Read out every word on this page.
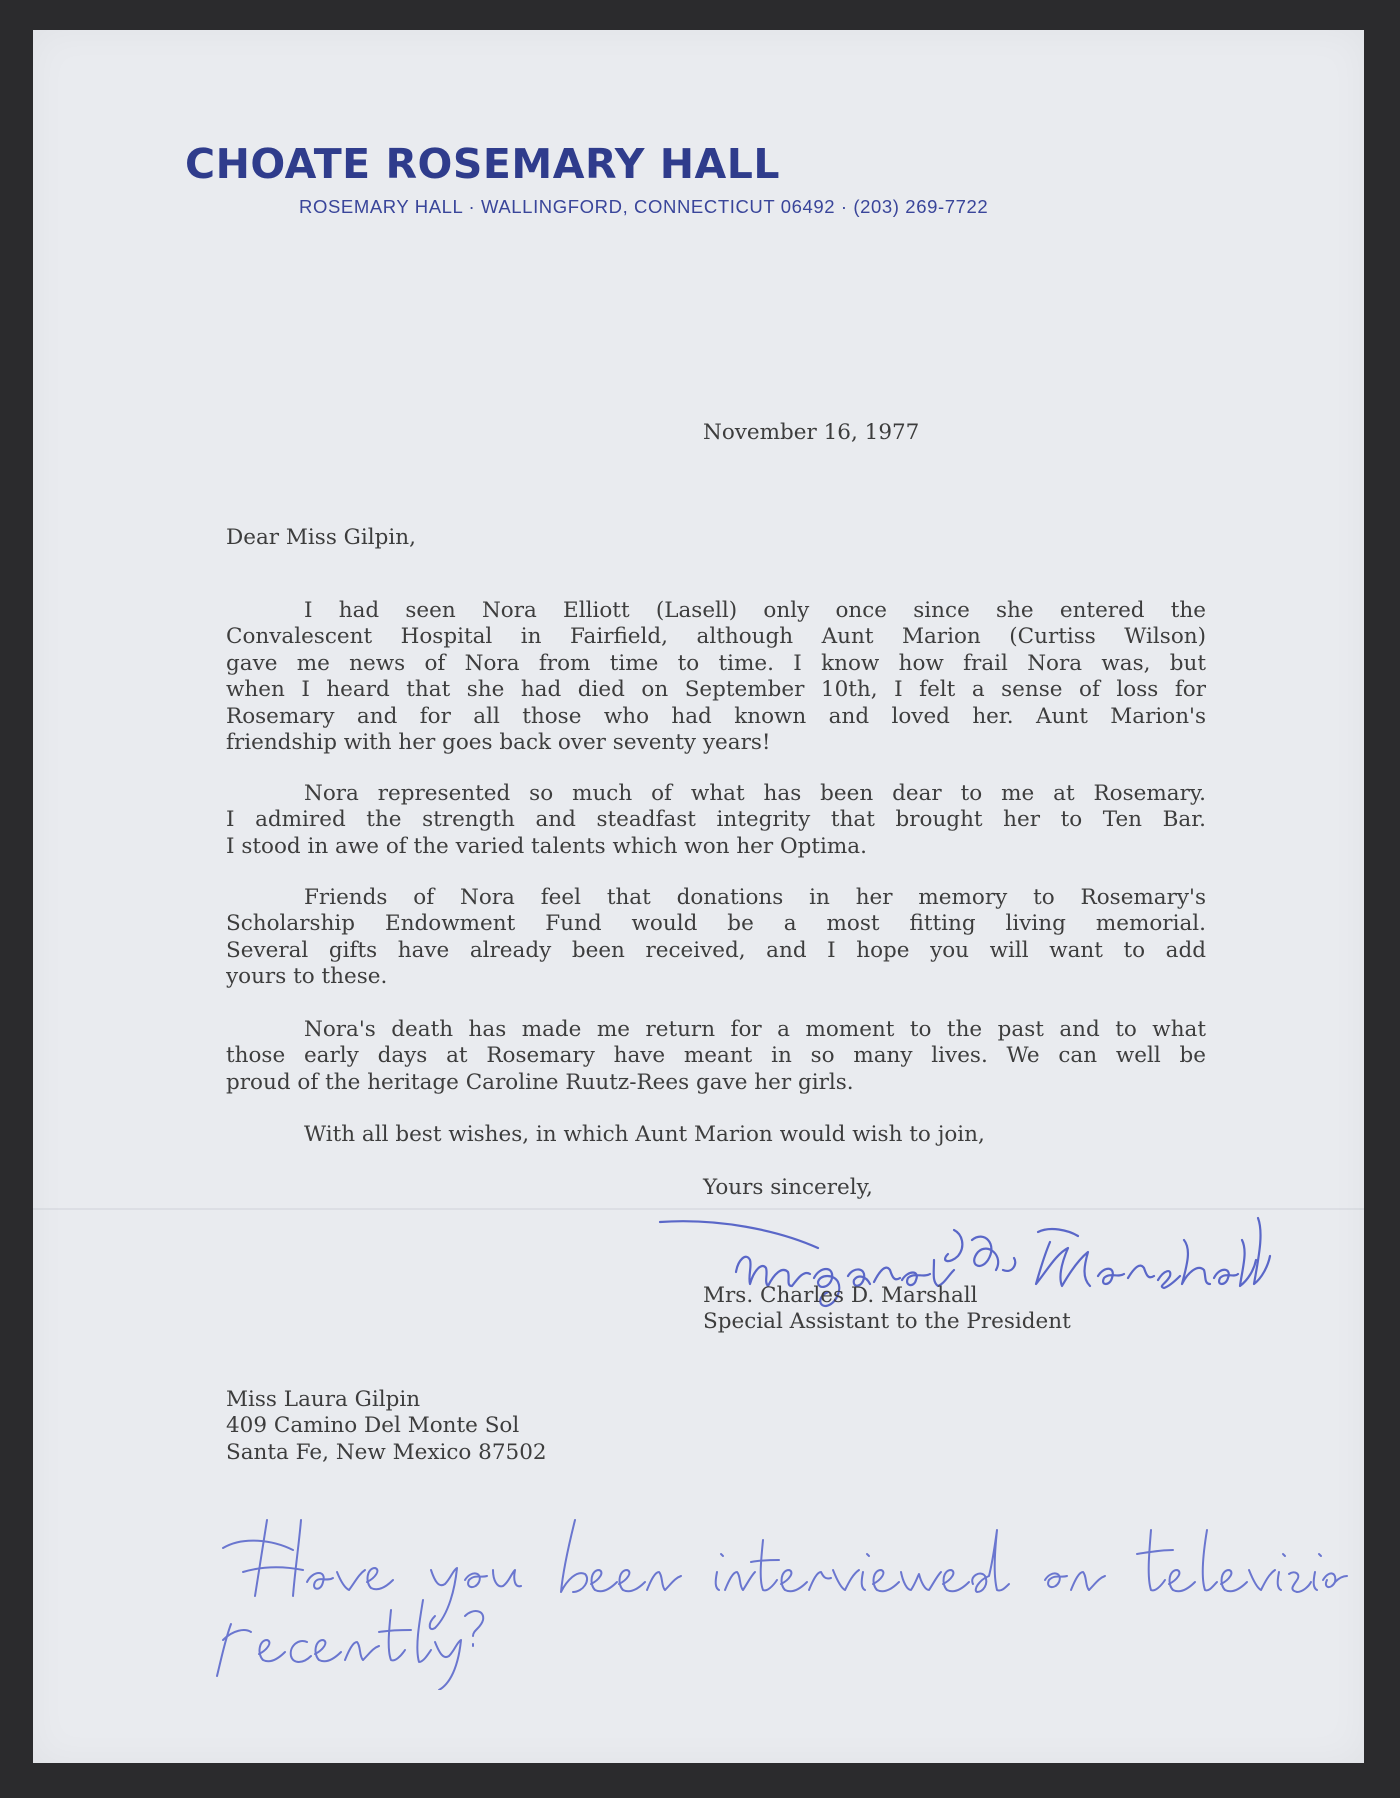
CHOATE ROSEMARY HALL
ROSEMARY HALL · WALLINGFORD, CONNECTICUT 06492 · (203) 269-7722
November 16, 1977
Dear Miss Gilpin,
I had seen Nora Elliott (Lasell) only once since she entered the
Convalescent Hospital in Fairfield, although Aunt Marion (Curtiss Wilson)
gave me news of Nora from time to time. I know how frail Nora was, but
when I heard that she had died on September 10th, I felt a sense of loss for
Rosemary and for all those who had known and loved her. Aunt Marion's
friendship with her goes back over seventy years!
Nora represented so much of what has been dear to me at Rosemary.
I admired the strength and steadfast integrity that brought her to Ten Bar.
I stood in awe of the varied talents which won her Optima.
Friends of Nora feel that donations in her memory to Rosemary's
Scholarship Endowment Fund would be a most fitting living memorial.
Several gifts have already been received, and I hope you will want to add
yours to these.
Nora's death has made me return for a moment to the past and to what
those early days at Rosemary have meant in so many lives. We can well be
proud of the heritage Caroline Ruutz-Rees gave her girls.
With all best wishes, in which Aunt Marion would wish to join,
Yours sincerely,
Mrs. Charles D. Marshall
Special Assistant to the President
Miss Laura Gilpin
409 Camino Del Monte Sol
Santa Fe, New Mexico 87502
